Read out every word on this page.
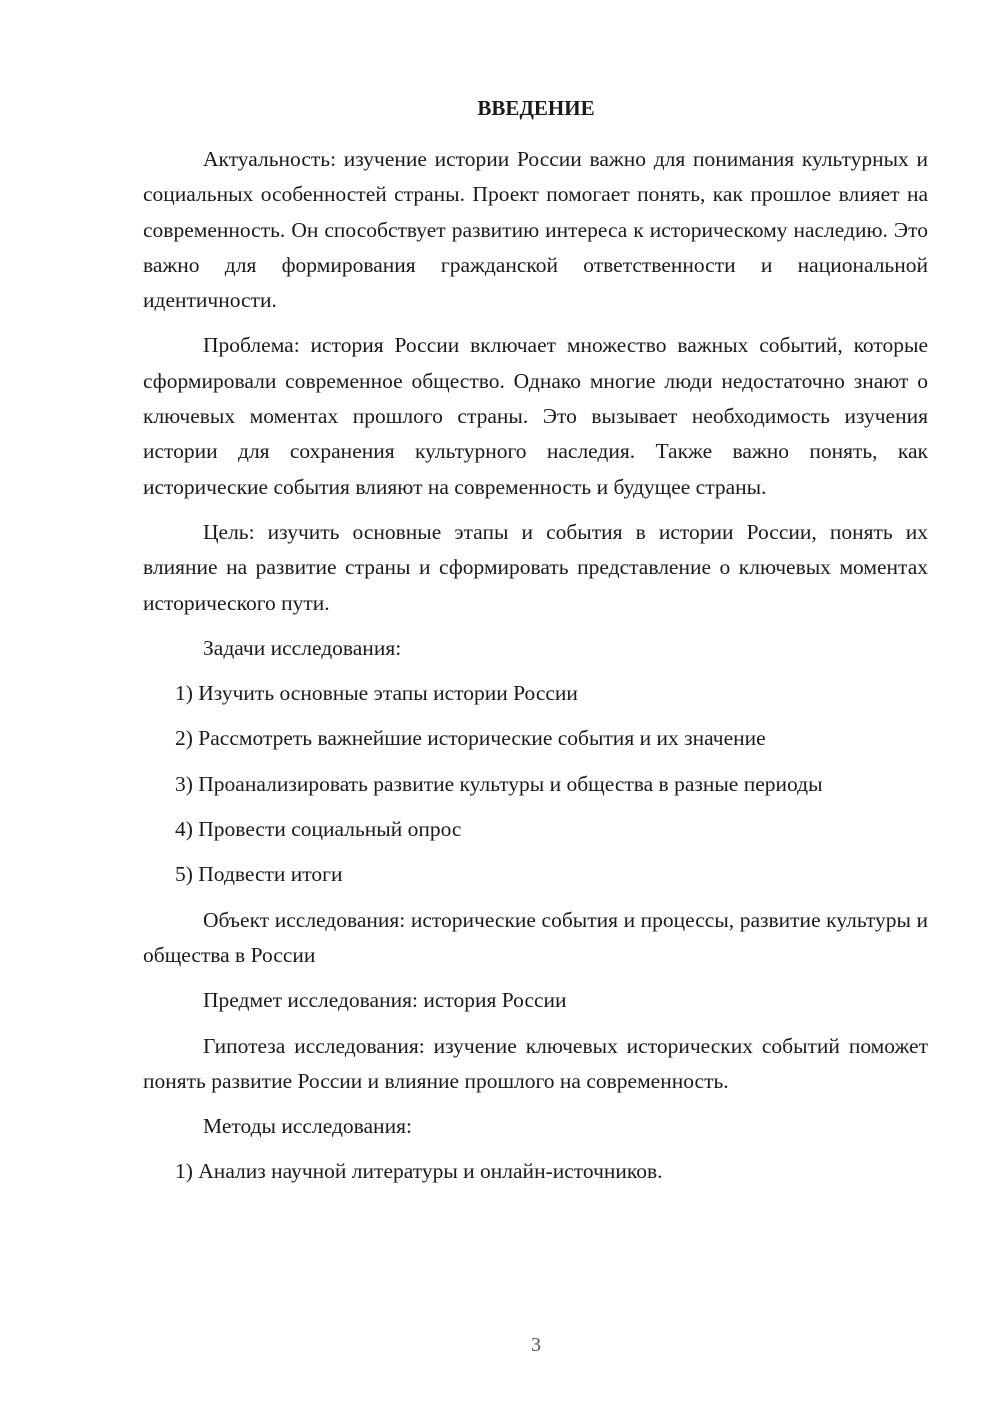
ВВЕДЕНИЕ

Актуальность: изучение истории России важно для понимания культурных и социальных особенностей страны. Проект помогает понять, как прошлое влияет на современность. Он способствует развитию интереса к историческому наследию. Это важно для формирования гражданской ответственности и национальной идентичности.

Проблема: история России включает множество важных событий, которые сформировали современное общество. Однако многие люди недостаточно знают о ключевых моментах прошлого страны. Это вызывает необходимость изучения истории для сохранения культурного наследия. Также важно понять, как исторические события влияют на современность и будущее страны.

Цель: изучить основные этапы и события в истории России, понять их влияние на развитие страны и сформировать представление о ключевых моментах исторического пути.

Задачи исследования:

1) Изучить основные этапы истории России

2) Рассмотреть важнейшие исторические события и их значение

3) Проанализировать развитие культуры и общества в разные периоды

4) Провести социальный опрос

5) Подвести итоги

Объект исследования: исторические события и процессы, развитие культуры и общества в России

Предмет исследования: история России

Гипотеза исследования: изучение ключевых исторических событий поможет понять развитие России и влияние прошлого на современность.

Методы исследования:

1) Анализ научной литературы и онлайн-источников.

3
